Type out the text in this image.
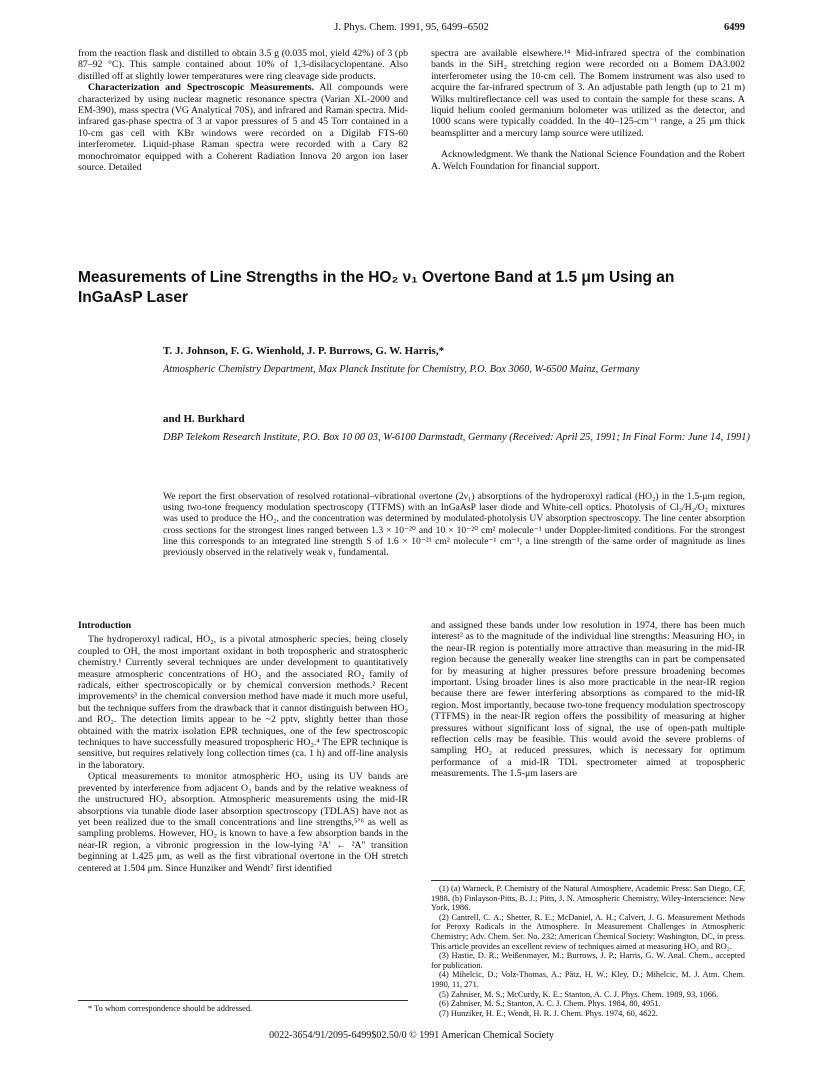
J. Phys. Chem. 1991, 95, 6499–6502	6499

from the reaction flask and distilled to obtain 3.5 g (0.035 mol, yield 42%) of 3 (pb 87–92 °C). This sample contained about 10% of 1,3-disilacyclopentane. Also distilled off at slightly lower temperatures were ring cleavage side products.

Characterization and Spectroscopic Measurements. All compounds were characterized by using nuclear magnetic resonance spectra (Varian XL-2000 and EM-390), mass spectra (VG Analytical 70S), and infrared and Raman spectra. Mid-infrared gas-phase spectra of 3 at vapor pressures of 5 and 45 Torr contained in a 10-cm gas cell with KBr windows were recorded on a Digilab FTS-60 interferometer. Liquid-phase Raman spectra were recorded with a Cary 82 monochromator equipped with a Coherent Radiation Innova 20 argon ion laser source. Detailed

spectra are available elsewhere.¹⁴ Mid-infrared spectra of the combination bands in the SiH₂ stretching region were recorded on a Bomem DA3.002 interferometer using the 10-cm cell. The Bomem instrument was also used to acquire the far-infrared spectrum of 3. An adjustable path length (up to 21 m) Wilks multireflectance cell was used to contain the sample for these scans. A liquid helium cooled germanium bolometer was utilized as the detector, and 1000 scans were typically coadded. In the 40–125-cm⁻¹ range, a 25 μm thick beamsplitter and a mercury lamp source were utilized.

Acknowledgment. We thank the National Science Foundation and the Robert A. Welch Foundation for financial support.

Measurements of Line Strengths in the HO₂ ν₁ Overtone Band at 1.5 μm Using an
InGaAsP Laser
T. J. Johnson, F. G. Wienhold, J. P. Burrows, G. W. Harris,*
Atmospheric Chemistry Department, Max Planck Institute for Chemistry, P.O. Box 3060, W-6500 Mainz, Germany
and H. Burkhard
DBP Telekom Research Institute, P.O. Box 10 00 03, W-6100 Darmstadt, Germany (Received: April 25, 1991; In Final Form: June 14, 1991)
We report the first observation of resolved rotational–vibrational overtone (2ν₁) absorptions of the hydroperoxyl radical (HO₂) in the 1.5-μm region, using two-tone frequency modulation spectroscopy (TTFMS) with an InGaAsP laser diode and White-cell optics. Photolysis of Cl₂/H₂/O₂ mixtures was used to produce the HO₂, and the concentration was determined by modulated-photolysis UV absorption spectroscopy. The line center absorption cross sections for the strongest lines ranged between 1.3 × 10⁻²⁰ and 10 × 10⁻²⁰ cm² molecule⁻¹ under Doppler-limited conditions. For the strongest line this corresponds to an integrated line strength S of 1.6 × 10⁻²¹ cm² molecule⁻¹ cm⁻¹, a line strength of the same order of magnitude as lines previously observed in the relatively weak ν₁ fundamental.
Introduction

The hydroperoxyl radical, HO₂, is a pivotal atmospheric species, being closely coupled to OH, the most important oxidant in both tropospheric and stratospheric chemistry.¹ Currently several techniques are under development to quantitatively measure atmospheric concentrations of HO₂ and the associated RO₂ family of radicals, either spectroscopically or by chemical conversion methods.² Recent improvements³ in the chemical conversion method have made it much more useful, but the technique suffers from the drawback that it cannot distinguish between HO₂ and RO₂. The detection limits appear to be ~2 pptv, slightly better than those obtained with the matrix isolation EPR techniques, one of the few spectroscopic techniques to have successfully measured tropospheric HO₂.⁴ The EPR technique is sensitive, but requires relatively long collection times (ca. 1 h) and off-line analysis in the laboratory.

Optical measurements to monitor atmospheric HO₂ using its UV bands are prevented by interference from adjacent O₃ bands and by the relative weakness of the unstructured HO₂ absorption. Atmospheric measurements using the mid-IR absorptions via tunable diode laser absorption spectroscopy (TDLAS) have not as yet been realized due to the small concentrations and line strengths,⁵ʼ⁶ as well as sampling problems. However, HO₂ is known to have a few absorption bands in the near-IR region, a vibronic progression in the low-lying ²A′ ← ²A″ transition beginning at 1.425 μm, as well as the first vibrational overtone in the OH stretch centered at 1.504 μm. Since Hunziker and Wendt⁷ first identified

and assigned these bands under low resolution in 1974, there has been much interest² as to the magnitude of the individual line strengths: Measuring HO₂ in the near-IR region is potentially more attractive than measuring in the mid-IR region because the generally weaker line strengths can in part be compensated for by measuring at higher pressures before pressure broadening becomes important. Using broader lines is also more practicable in the near-IR region because there are fewer interfering absorptions as compared to the mid-IR region. Most importantly, because two-tone frequency modulation spectroscopy (TTFMS) in the near-IR region offers the possibility of measuring at higher pressures without significant loss of signal, the use of open-path multiple reflection cells may be feasible. This would avoid the severe problems of sampling HO₂ at reduced pressures, which is necessary for optimum performance of a mid-IR TDL spectrometer aimed at tropospheric measurements. The 1.5-μm lasers are

(1) (a) Warneck, P. Chemistry of the Natural Atmosphere, Academic Press: San Diego, CF, 1988. (b) Finlayson-Pitts, B. J.; Pitts, J. N. Atmospheric Chemistry, Wiley-Interscience: New York, 1986.
(2) Cantrell, C. A.; Shetter, R. E.; McDaniel, A. H.; Calvert, J. G. Measurement Methods for Peroxy Radicals in the Atmosphere. In Measurement Challenges in Atmospheric Chemistry; Adv. Chem. Ser. No. 232; American Chemical Society: Washington, DC, in press. This article provides an excellent review of techniques aimed at measuring HO₂ and RO₂.
(3) Hastie, D. R.; Weißenmayer, M.; Burrows, J. P.; Harris, G. W. Anal. Chem., accepted for publication.
(4) Mihelcic, D.; Volz-Thomas, A.; Pätz, H. W.; Kley, D.; Mihelcic, M. J. Atm. Chem. 1990, 11, 271.
(5) Zahniser, M. S.; McCurdy, K. E.; Stanton, A. C. J. Phys. Chem. 1989, 93, 1066.
(6) Zahniser, M. S.; Stanton, A. C. J. Chem. Phys. 1984, 80, 4951.
(7) Hunziker, H. E.; Wendt, H. R. J. Chem. Phys. 1974, 60, 4622.
* To whom correspondence should be addressed.
0022-3654/91/2095-6499$02.50/0 © 1991 American Chemical Society
